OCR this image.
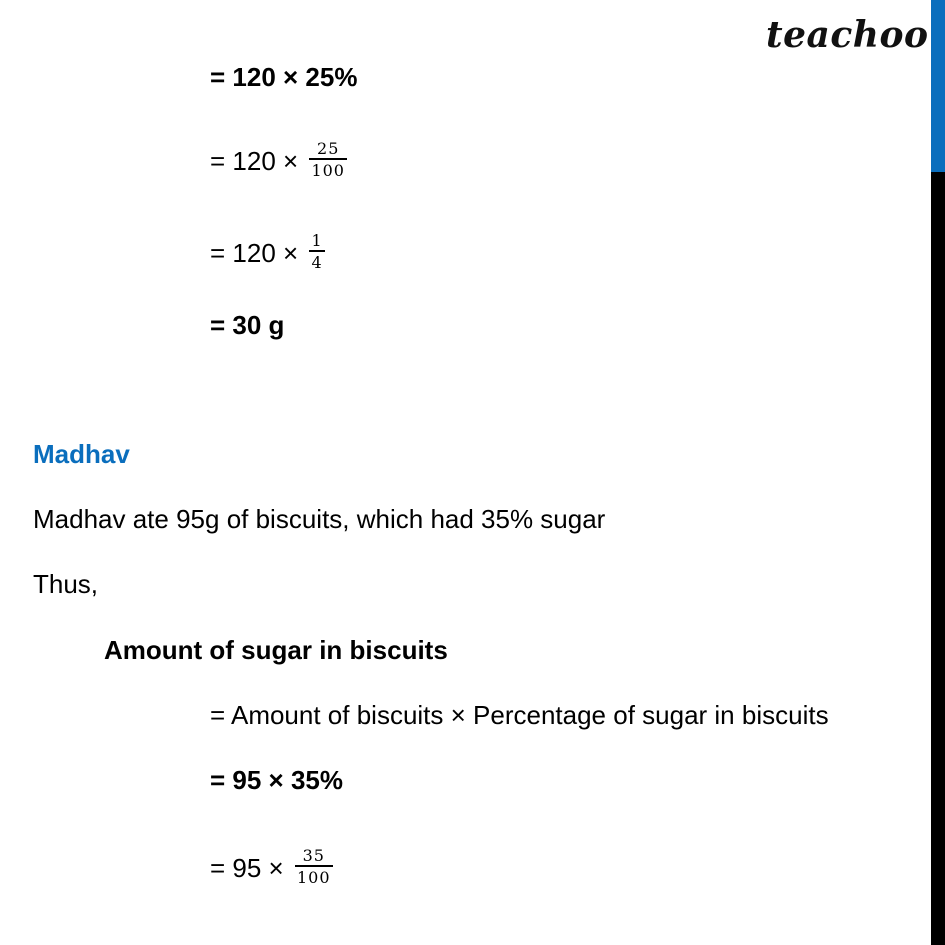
teachoo
= 120 × 25%
= $120 \times \frac{25}{100}$
= $120 \times \frac{1}{4}$
= 30 g
Madhav
Madhav ate 95g of biscuits, which had 35% sugar
Thus,
Amount of sugar in biscuits
= Amount of biscuits × Percentage of sugar in biscuits
= 95 × 35%
= $95 \times \frac{35}{100}$
